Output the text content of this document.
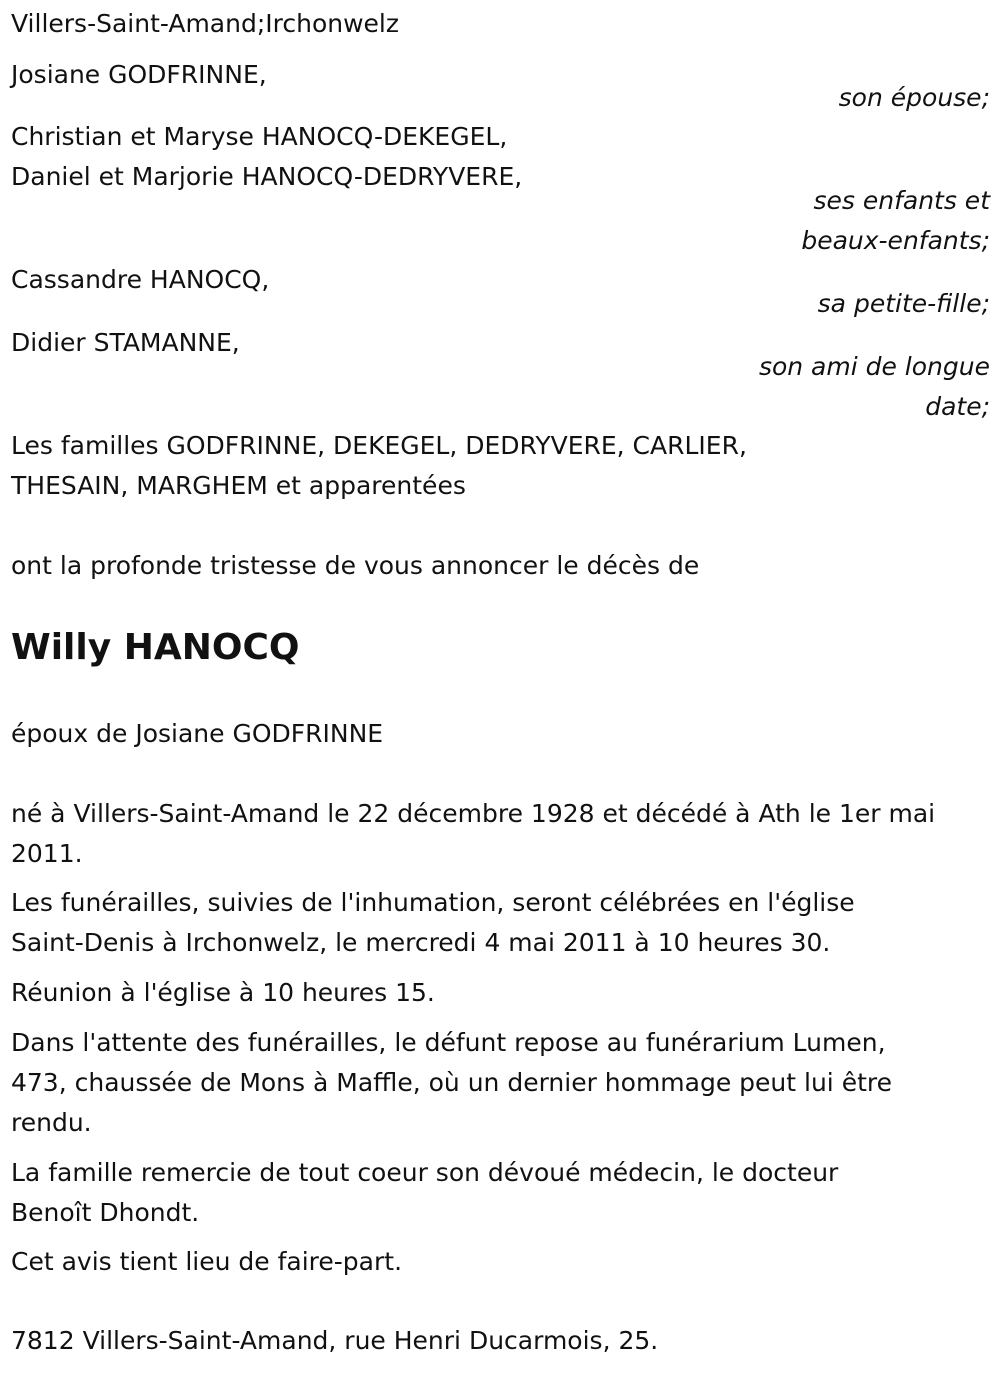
Villers-Saint-Amand;Irchonwelz
Josiane GODFRINNE,
son épouse;
Christian et Maryse HANOCQ-DEKEGEL,
Daniel et Marjorie HANOCQ-DEDRYVERE,
ses enfants et
beaux-enfants;
Cassandre HANOCQ,
sa petite-fille;
Didier STAMANNE,
son ami de longue
date;
Les familles GODFRINNE, DEKEGEL, DEDRYVERE, CARLIER,
THESAIN, MARGHEM et apparentées
ont la profonde tristesse de vous annoncer le décès de
Willy HANOCQ
époux de Josiane GODFRINNE
né à Villers-Saint-Amand le 22 décembre 1928 et décédé à Ath le 1er mai
2011.
Les funérailles, suivies de l'inhumation, seront célébrées en l'église
Saint-Denis à Irchonwelz, le mercredi 4 mai 2011 à 10 heures 30.
Réunion à l'église à 10 heures 15.
Dans l'attente des funérailles, le défunt repose au funérarium Lumen,
473, chaussée de Mons à Maffle, où un dernier hommage peut lui être
rendu.
La famille remercie de tout coeur son dévoué médecin, le docteur
Benoît Dhondt.
Cet avis tient lieu de faire-part.
7812 Villers-Saint-Amand, rue Henri Ducarmois, 25.
